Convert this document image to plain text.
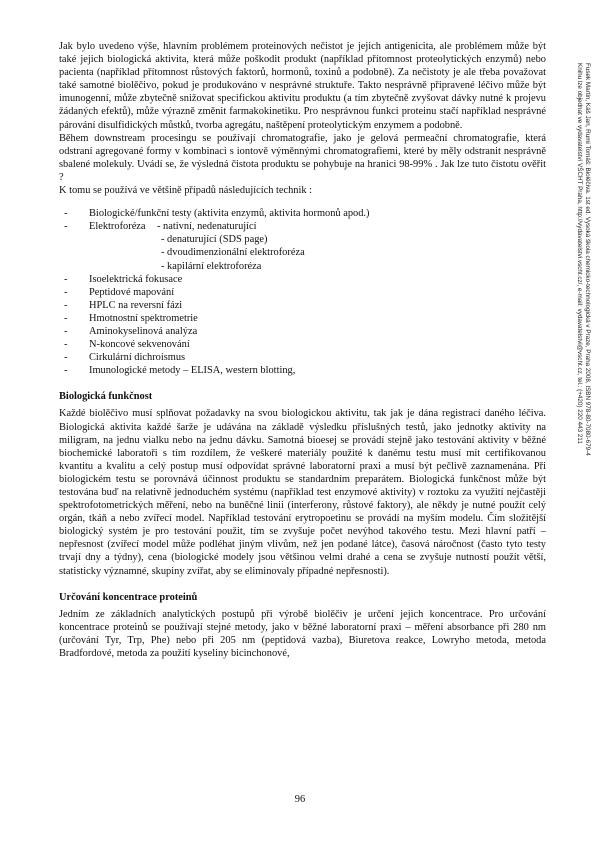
Jak bylo uvedeno výše, hlavním problémem proteinových nečistot je jejich antigenicita, ale problémem může být také jejich biologická aktivita, která může poškodit produkt (například přítomnost proteolytických enzymů) nebo pacienta (například přítomnost růstových faktorů, hormonů, toxinů a podobně). Za nečistoty je ale třeba považovat také samotné biolěčivo, pokud je produkováno v nesprávné struktuře. Takto nesprávně připravené léčivo může být imunogenní, může zbytečně snižovat specifickou aktivitu produktu (a tím zbytečně zvyšovat dávky nutné k projevu žádaných efektů), může výrazně změnit farmakokinetiku. Pro nesprávnou funkci proteinu stačí například nesprávné párování disulfidických můstků, tvorba agregátu, naštěpení proteolytickým enzymem a podobně.

Během downstream procesingu se používají chromatografie, jako je gelová permeační chromatografie, která odstraní agregované formy v kombinaci s iontově výměnnými chromatografiemi, které by měly odstranit nesprávně sbalené molekuly. Uvádí se, že výsledná čistota produktu se pohybuje na hranici 98-99% . Jak lze tuto čistotu ověřit ?

K tomu se používá ve většině případů následujících technik :

- Biologické/funkční testy (aktivita enzymů, aktivita hormonů apod.)
- Elektroforéza	- nativní, nedenaturující
- denaturující (SDS page)
- dvoudimenzionální elektroforéza
- kapilární elektroforéza
- Isoelektrická fokusace
- Peptidové mapování
- HPLC na reversní fázi
- Hmotnostní spektrometrie
- Aminokyselinová analýza
- N-koncové sekvenování
- Cirkulární dichroismus
- Imunologické metody – ELISA, western blotting,
Biologická funkčnost

Každé biolěčivo musí splňovat požadavky na svou biologickou aktivitu, tak jak je dána registrací daného léčiva. Biologická aktivita každé šarže je udávána na základě výsledku příslušných testů, jako jednotky aktivity na miligram, na jednu vialku nebo na jednu dávku. Samotná bioesej se provádí stejně jako testování aktivity v běžné biochemické laboratoři s tím rozdílem, že veškeré materiály použité k danému testu musí mít certifikovanou kvantitu a kvalitu a celý postup musí odpovídat správné laboratorní praxi a musí být pečlivě zaznamenána. Při biologickém testu se porovnává účinnost produktu se standardním preparátem. Biologická funkčnost může být testována buď na relativně jednoduchém systému (například test enzymové aktivity) v roztoku za využití nejčastěji spektrofotometrických měření, nebo na buněčné linii (interferony, růstové faktory), ale někdy je nutné použít celý orgán, tkáň a nebo zvířecí model. Například testování erytropoetinu se provádí na myším modelu. Čím složitější biologický systém je pro testování použit, tím se zvyšuje počet nevýhod takového testu. Mezi hlavní patří – nepřesnost (zvířecí model může podléhat jiným vlivům, než jen podané látce), časová náročnost (často tyto testy trvají dny a týdny), cena (biologické modely jsou většinou velmi drahé a cena se zvyšuje nutností použít větší, statisticky významné, skupiny zvířat, aby se eliminovaly případné nepřesnosti).

Určování koncentrace proteinů

Jedním ze základních analytických postupů při výrobě biolěčiv je určení jejich koncentrace. Pro určování koncentrace proteinů se používají stejné metody, jako v běžné laboratorní praxi – měření absorbance při 280 nm (určování Tyr, Trp, Phe) nebo při 205 nm (peptidová vazba), Biuretova reakce, Lowryho metoda, metoda Bradfordové, metoda za použití kyseliny bicinchonové,

96
Fusek Martin, Káš Jan, Rumi Tomáš: Biolěčiva. 1st ed. Vysoká škola chemicko-technologická v Praze, Praha 2008, ISBN 978-80-7080-679-4
Knihu lze objednat ve vydavatelství VŠCHT Praha, http://vydavatelstvi.vscht.cz/, e-mail: vydavatelstvi@vscht.cz, tel.: (+420) 220 443 211
